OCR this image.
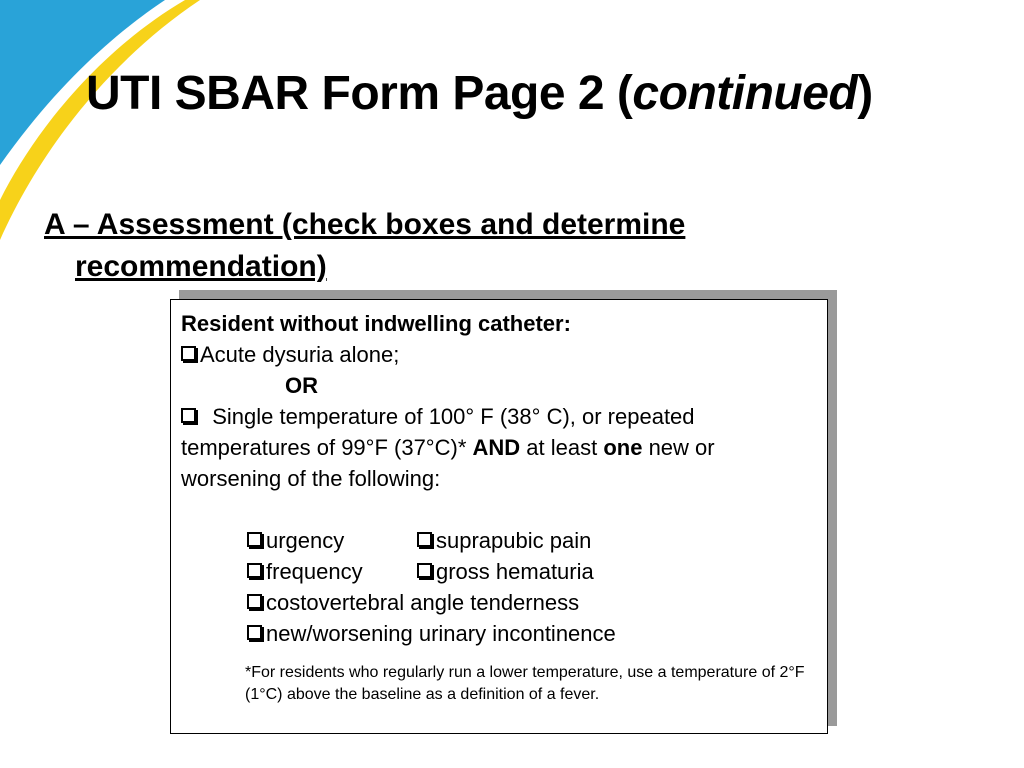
UTI SBAR Form Page 2 (continued)
A – Assessment (check boxes and determine
recommendation)
Resident without indwelling catheter:
Acute dysuria alone;
OR
Single temperature of 100° F (38° C), or repeated
temperatures of 99°F (37°C)* AND at least one new or
worsening of the following:
urgency	suprapubic pain
frequency	gross hematuria
costovertebral angle tenderness
new/worsening urinary incontinence
*For residents who regularly run a lower temperature, use a temperature of 2°F (1°C) above the baseline as a definition of a fever.
